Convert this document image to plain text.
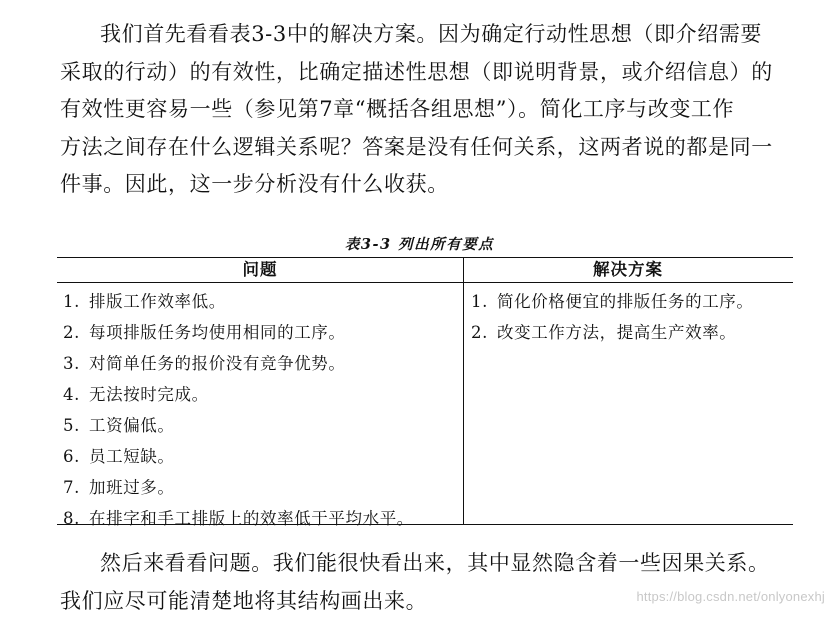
我们首先看看表3-3中的解决方案。因为确定行动性思想（即介绍需要
采取的行动）的有效性，比确定描述性思想（即说明背景，或介绍信息）的
有效性更容易一些（参见第7章“概括各组思想”）。简化工序与改变工作
方法之间存在什么逻辑关系呢？答案是没有任何关系，这两者说的都是同一
件事。因此，这一步分析没有什么收获。

表3-3 列出所有要点

问题	解决方案
1. 排版工作效率低。
2. 每项排版任务均使用相同的工序。
3. 对简单任务的报价没有竞争优势。
4. 无法按时完成。
5. 工资偏低。
6. 员工短缺。
7. 加班过多。
8. 在排字和手工排版上的效率低于平均水平。
1. 简化价格便宜的排版任务的工序。
2. 改变工作方法，提高生产效率。

然后来看看问题。我们能很快看出来，其中显然隐含着一些因果关系。
我们应尽可能清楚地将其结构画出来。	https://blog.csdn.net/onlyonexhj
